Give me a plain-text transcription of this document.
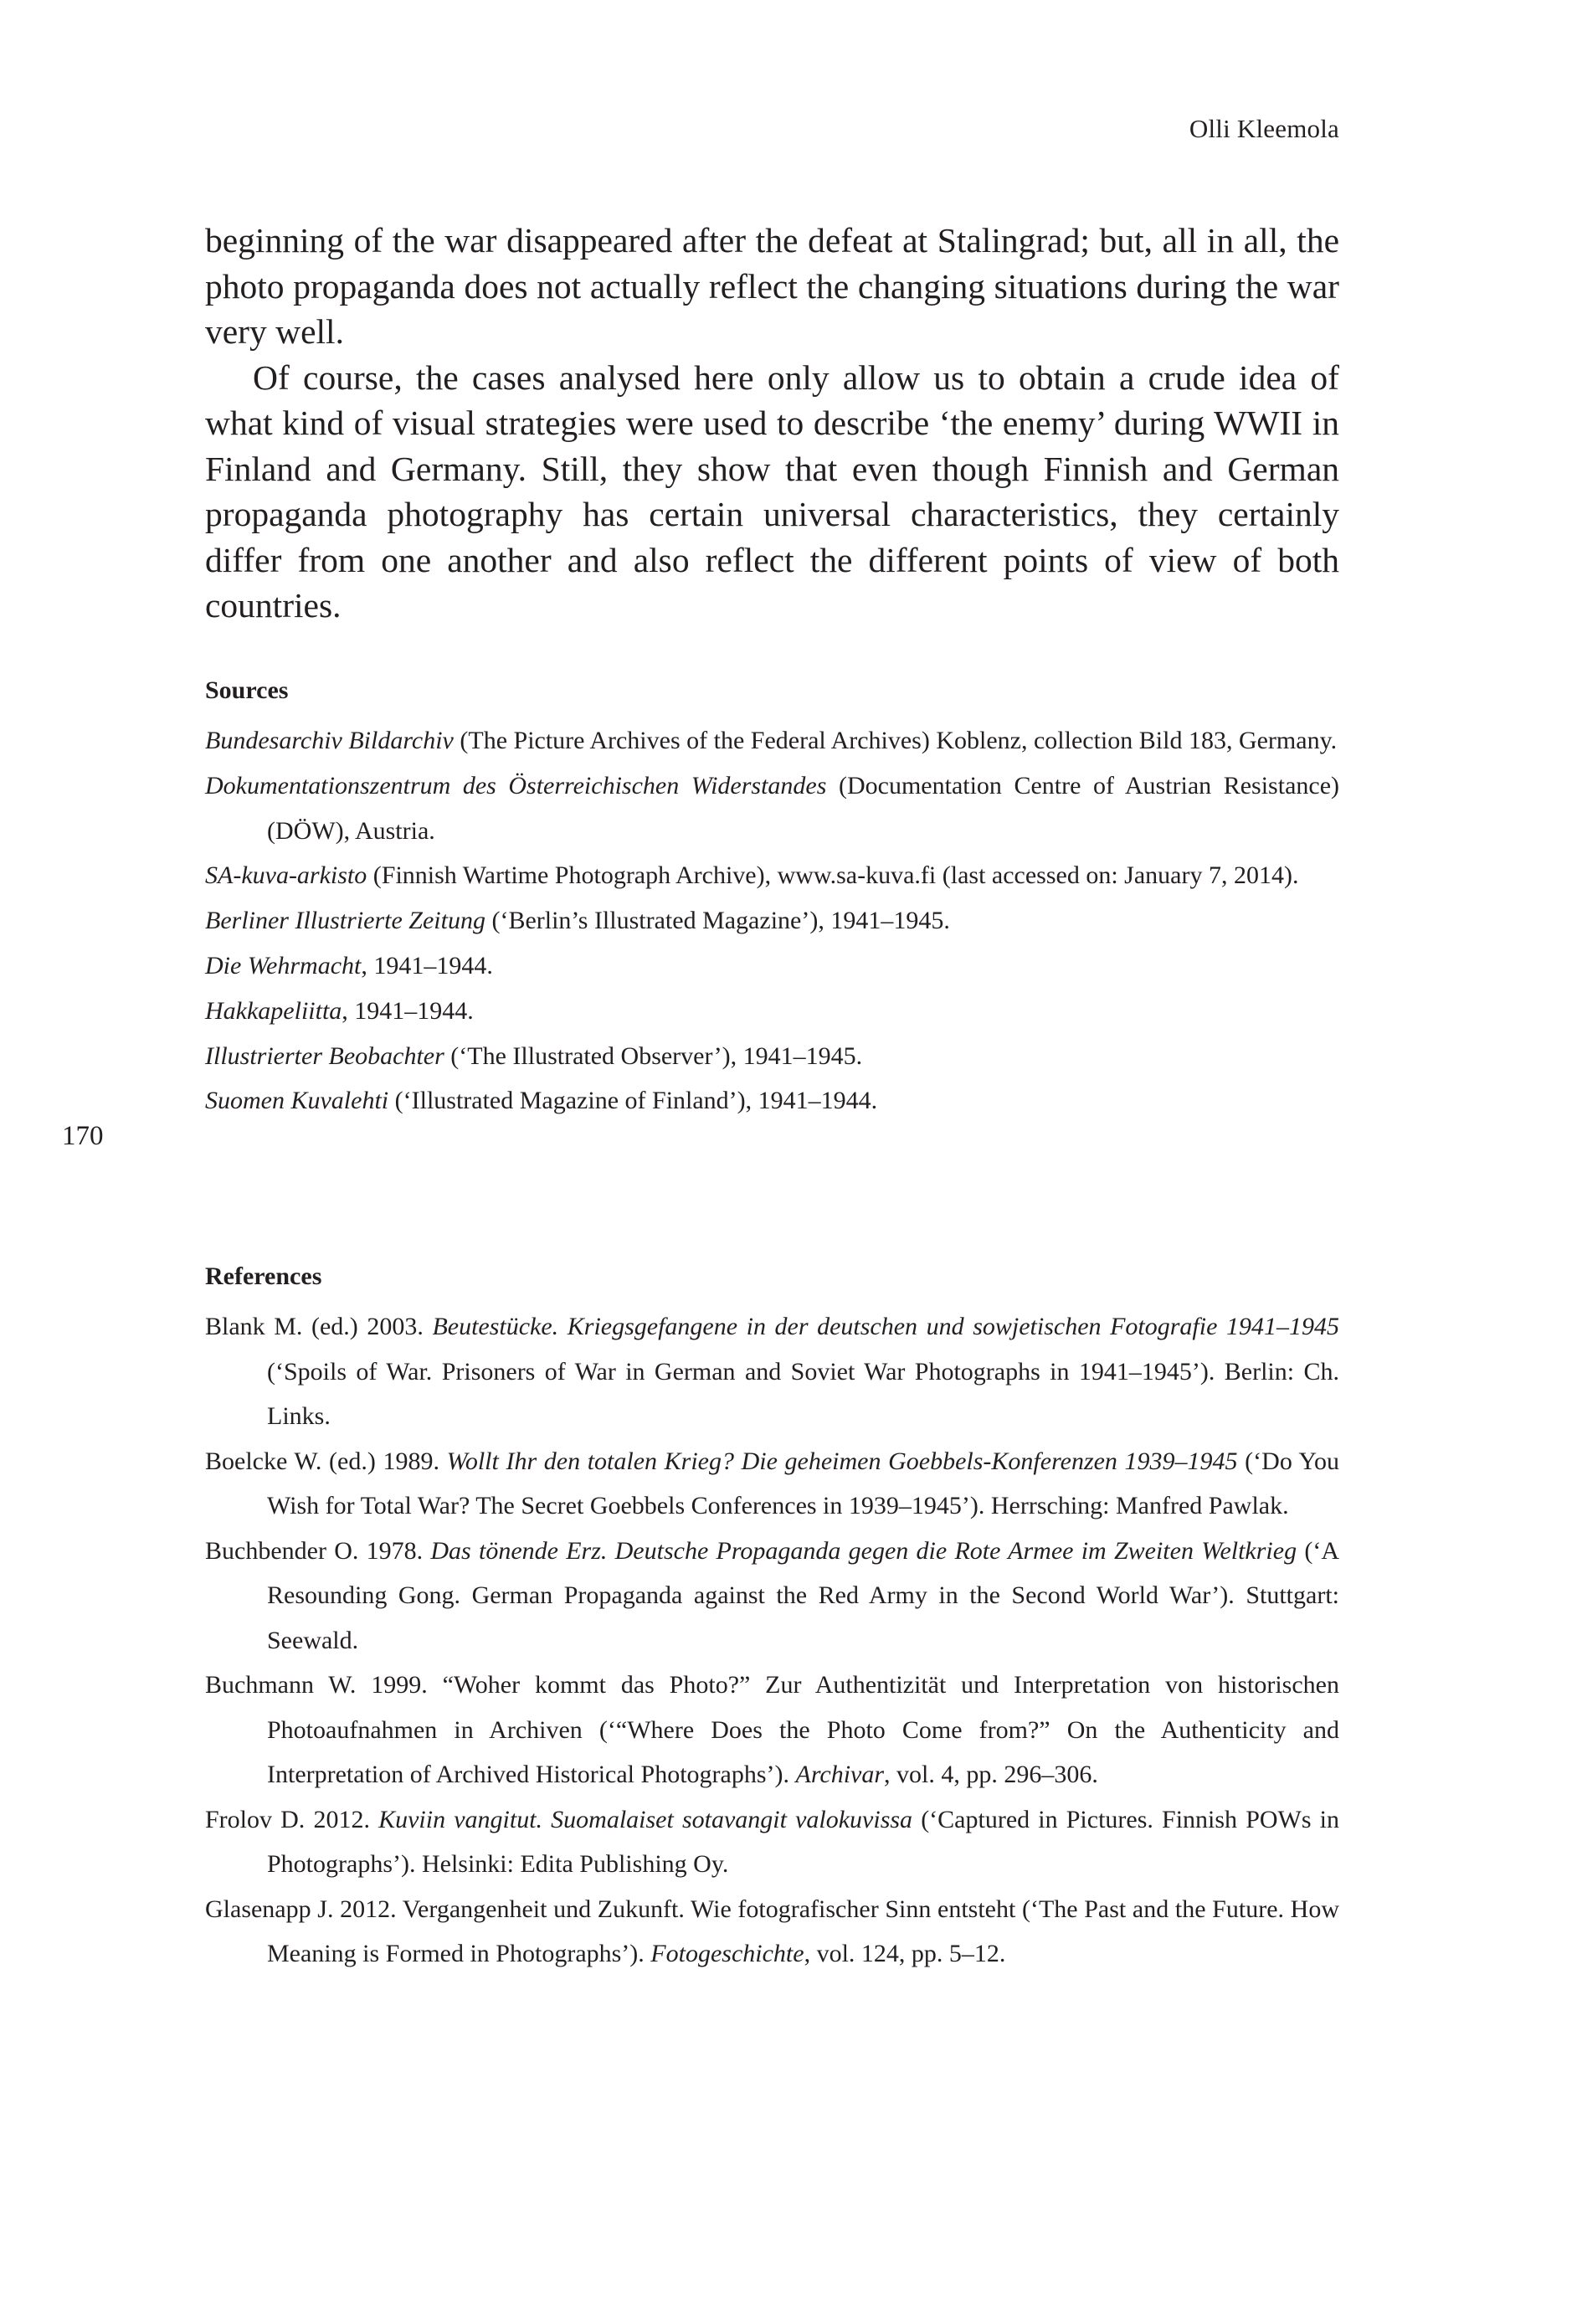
Olli Kleemola

beginning of the war disappeared after the defeat at Stalingrad; but, all in all, the photo propaganda does not actually reflect the changing situations during the war very well.

Of course, the cases analysed here only allow us to obtain a crude idea of what kind of visual strategies were used to describe ‘the enemy’ during WWII in Finland and Germany. Still, they show that even though Finnish and German propaganda photography has certain universal characteristics, they certainly differ from one another and also reflect the different points of view of both countries.

Sources
Bundesarchiv Bildarchiv (The Picture Archives of the Federal Archives) Koblenz, collection Bild 183, Germany.
Dokumentationszentrum des Österreichischen Widerstandes (Documentation Centre of Austrian Resistance) (DÖW), Austria.
SA-kuva-arkisto (Finnish Wartime Photograph Archive), www.sa-kuva.fi (last accessed on: January 7, 2014).
Berliner Illustrierte Zeitung (‘Berlin’s Illustrated Magazine’), 1941–1945.
Die Wehrmacht, 1941–1944.
Hakkapeliitta, 1941–1944.
Illustrierter Beobachter (‘The Illustrated Observer’), 1941–1945.
Suomen Kuvalehti (‘Illustrated Magazine of Finland’), 1941–1944.
170
References
Blank M. (ed.) 2003. Beutestücke. Kriegsgefangene in der deutschen und sowjetischen Fotografie 1941–1945 (‘Spoils of War. Prisoners of War in German and Soviet War Photographs in 1941–1945’). Berlin: Ch. Links.
Boelcke W. (ed.) 1989. Wollt Ihr den totalen Krieg? Die geheimen Goebbels-Konferenzen 1939–1945 (‘Do You Wish for Total War? The Secret Goebbels Conferences in 1939–1945’). Herrsching: Manfred Pawlak.
Buchbender O. 1978. Das tönende Erz. Deutsche Propaganda gegen die Rote Armee im Zweiten Weltkrieg (‘A Resounding Gong. German Propaganda against the Red Army in the Second World War’). Stuttgart: Seewald.
Buchmann W. 1999. “Woher kommt das Photo?” Zur Authentizität und Interpretation von historischen Photoaufnahmen in Archiven (‘“Where Does the Photo Come from?” On the Authenticity and Interpretation of Archived Historical Photographs’). Archivar, vol. 4, pp. 296–306.
Frolov D. 2012. Kuviin vangitut. Suomalaiset sotavangit valokuvissa (‘Captured in Pictures. Finnish POWs in Photographs’). Helsinki: Edita Publishing Oy.
Glasenapp J. 2012. Vergangenheit und Zukunft. Wie fotografischer Sinn entsteht (‘The Past and the Future. How Meaning is Formed in Photographs’). Fotogeschichte, vol. 124, pp. 5–12.
